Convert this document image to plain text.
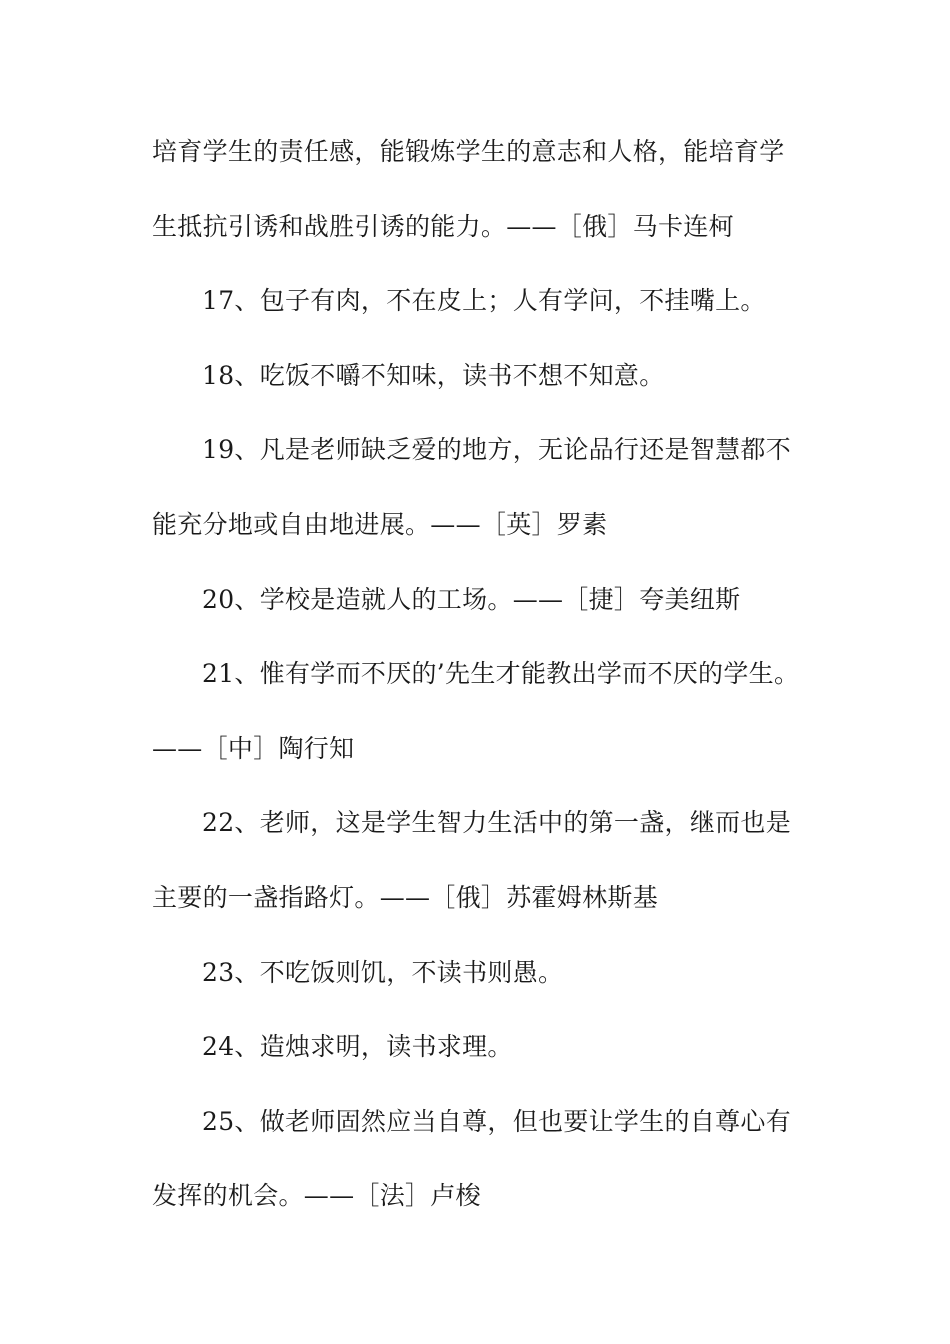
培育学生的责任感，能锻炼学生的意志和人格，能培育学
生抵抗引诱和战胜引诱的能力。——［俄］马卡连柯
17、包子有肉，不在皮上；人有学问，不挂嘴上。
18、吃饭不嚼不知味，读书不想不知意。
19、凡是老师缺乏爱的地方，无论品行还是智慧都不
能充分地或自由地进展。——［英］罗素
20、学校是造就人的工场。——［捷］夸美纽斯
21、惟有学而不厌的’先生才能教出学而不厌的学生。
——［中］陶行知
22、老师，这是学生智力生活中的第一盏，继而也是
主要的一盏指路灯。——［俄］苏霍姆林斯基
23、不吃饭则饥，不读书则愚。
24、造烛求明，读书求理。
25、做老师固然应当自尊，但也要让学生的自尊心有
发挥的机会。——［法］卢梭
